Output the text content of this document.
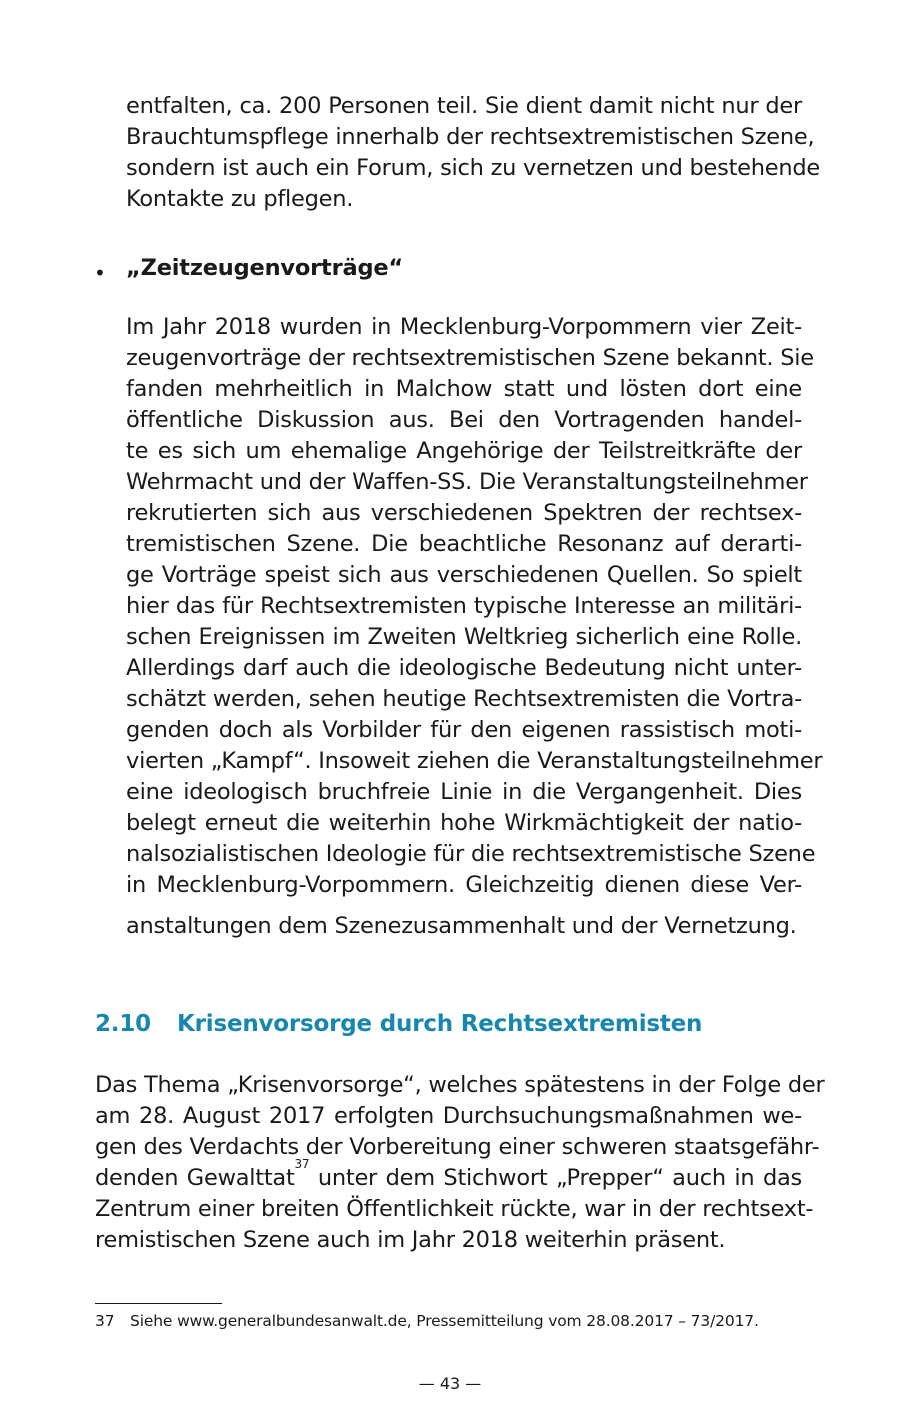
entfalten, ca. 200 Personen teil. Sie dient damit nicht nur der
Brauchtumspflege innerhalb der rechtsextremistischen Szene,
sondern ist auch ein Forum, sich zu vernetzen und bestehende
Kontakte zu pflegen.
• „Zeitzeugenvorträge“
Im Jahr 2018 wurden in Mecklenburg-Vorpommern vier Zeit-
zeugenvorträge der rechtsextremistischen Szene bekannt. Sie
fanden mehrheitlich in Malchow statt und lösten dort eine
öffentliche Diskussion aus. Bei den Vortragenden handel-
te es sich um ehemalige Angehörige der Teilstreitkräfte der
Wehrmacht und der Waffen-SS. Die Veranstaltungsteilnehmer
rekrutierten sich aus verschiedenen Spektren der rechtsex-
tremistischen Szene. Die beachtliche Resonanz auf derarti-
ge Vorträge speist sich aus verschiedenen Quellen. So spielt
hier das für Rechtsextremisten typische Interesse an militäri-
schen Ereignissen im Zweiten Weltkrieg sicherlich eine Rolle.
Allerdings darf auch die ideologische Bedeutung nicht unter-
schätzt werden, sehen heutige Rechtsextremisten die Vortra-
genden doch als Vorbilder für den eigenen rassistisch moti-
vierten „Kampf“. Insoweit ziehen die Veranstaltungsteilnehmer
eine ideologisch bruchfreie Linie in die Vergangenheit. Dies
belegt erneut die weiterhin hohe Wirkmächtigkeit der natio-
nalsozialistischen Ideologie für die rechtsextremistische Szene
in Mecklenburg-Vorpommern. Gleichzeitig dienen diese Ver-
anstaltungen dem Szenezusammenhalt und der Vernetzung.
2.10 Krisenvorsorge durch Rechtsextremisten
Das Thema „Krisenvorsorge“, welches spätestens in der Folge der
am 28. August 2017 erfolgten Durchsuchungsmaßnahmen we-
gen des Verdachts der Vorbereitung einer schweren staatsgefähr-
denden Gewalttat$^{37}$ unter dem Stichwort „Prepper“ auch in das
Zentrum einer breiten Öffentlichkeit rückte, war in der rechtsext-
remistischen Szene auch im Jahr 2018 weiterhin präsent.
37 Siehe www.generalbundesanwalt.de, Pressemitteilung vom 28.08.2017 – 73/2017.
— 43 —
